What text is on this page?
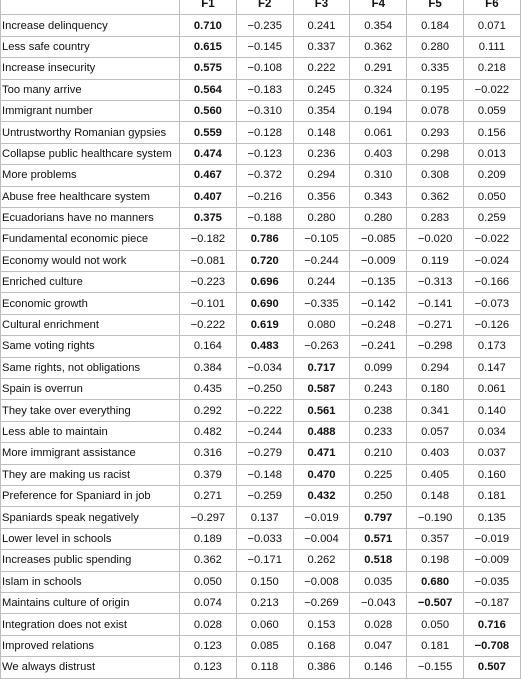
	F1	F2	F3	F4	F5	F6
Increase delinquency	0.710	−0.235	0.241	0.354	0.184	0.071
Less safe country	0.615	−0.145	0.337	0.362	0.280	0.111
Increase insecurity	0.575	−0.108	0.222	0.291	0.335	0.218
Too many arrive	0.564	−0.183	0.245	0.324	0.195	−0.022
Immigrant number	0.560	−0.310	0.354	0.194	0.078	0.059
Untrustworthy Romanian gypsies	0.559	−0.128	0.148	0.061	0.293	0.156
Collapse public healthcare system	0.474	−0.123	0.236	0.403	0.298	0.013
More problems	0.467	−0.372	0.294	0.310	0.308	0.209
Abuse free healthcare system	0.407	−0.216	0.356	0.343	0.362	0.050
Ecuadorians have no manners	0.375	−0.188	0.280	0.280	0.283	0.259
Fundamental economic piece	−0.182	0.786	−0.105	−0.085	−0.020	−0.022
Economy would not work	−0.081	0.720	−0.244	−0.009	0.119	−0.024
Enriched culture	−0.223	0.696	0.244	−0.135	−0.313	−0.166
Economic growth	−0.101	0.690	−0.335	−0.142	−0.141	−0.073
Cultural enrichment	−0.222	0.619	0.080	−0.248	−0.271	−0.126
Same voting rights	0.164	0.483	−0.263	−0.241	−0.298	0.173
Same rights, not obligations	0.384	−0.034	0.717	0.099	0.294	0.147
Spain is overrun	0.435	−0.250	0.587	0.243	0.180	0.061
They take over everything	0.292	−0.222	0.561	0.238	0.341	0.140
Less able to maintain	0.482	−0.244	0.488	0.233	0.057	0.034
More immigrant assistance	0.316	−0.279	0.471	0.210	0.403	0.037
They are making us racist	0.379	−0.148	0.470	0.225	0.405	0.160
Preference for Spaniard in job	0.271	−0.259	0.432	0.250	0.148	0.181
Spaniards speak negatively	−0.297	0.137	−0.019	0.797	−0.190	0.135
Lower level in schools	0.189	−0.033	−0.004	0.571	0.357	−0.019
Increases public spending	0.362	−0.171	0.262	0.518	0.198	−0.009
Islam in schools	0.050	0.150	−0.008	0.035	0.680	−0.035
Maintains culture of origin	0.074	0.213	−0.269	−0.043	−0.507	−0.187
Integration does not exist	0.028	0.060	0.153	0.028	0.050	0.716
Improved relations	0.123	0.085	0.168	0.047	0.181	−0.708
We always distrust	0.123	0.118	0.386	0.146	−0.155	0.507
